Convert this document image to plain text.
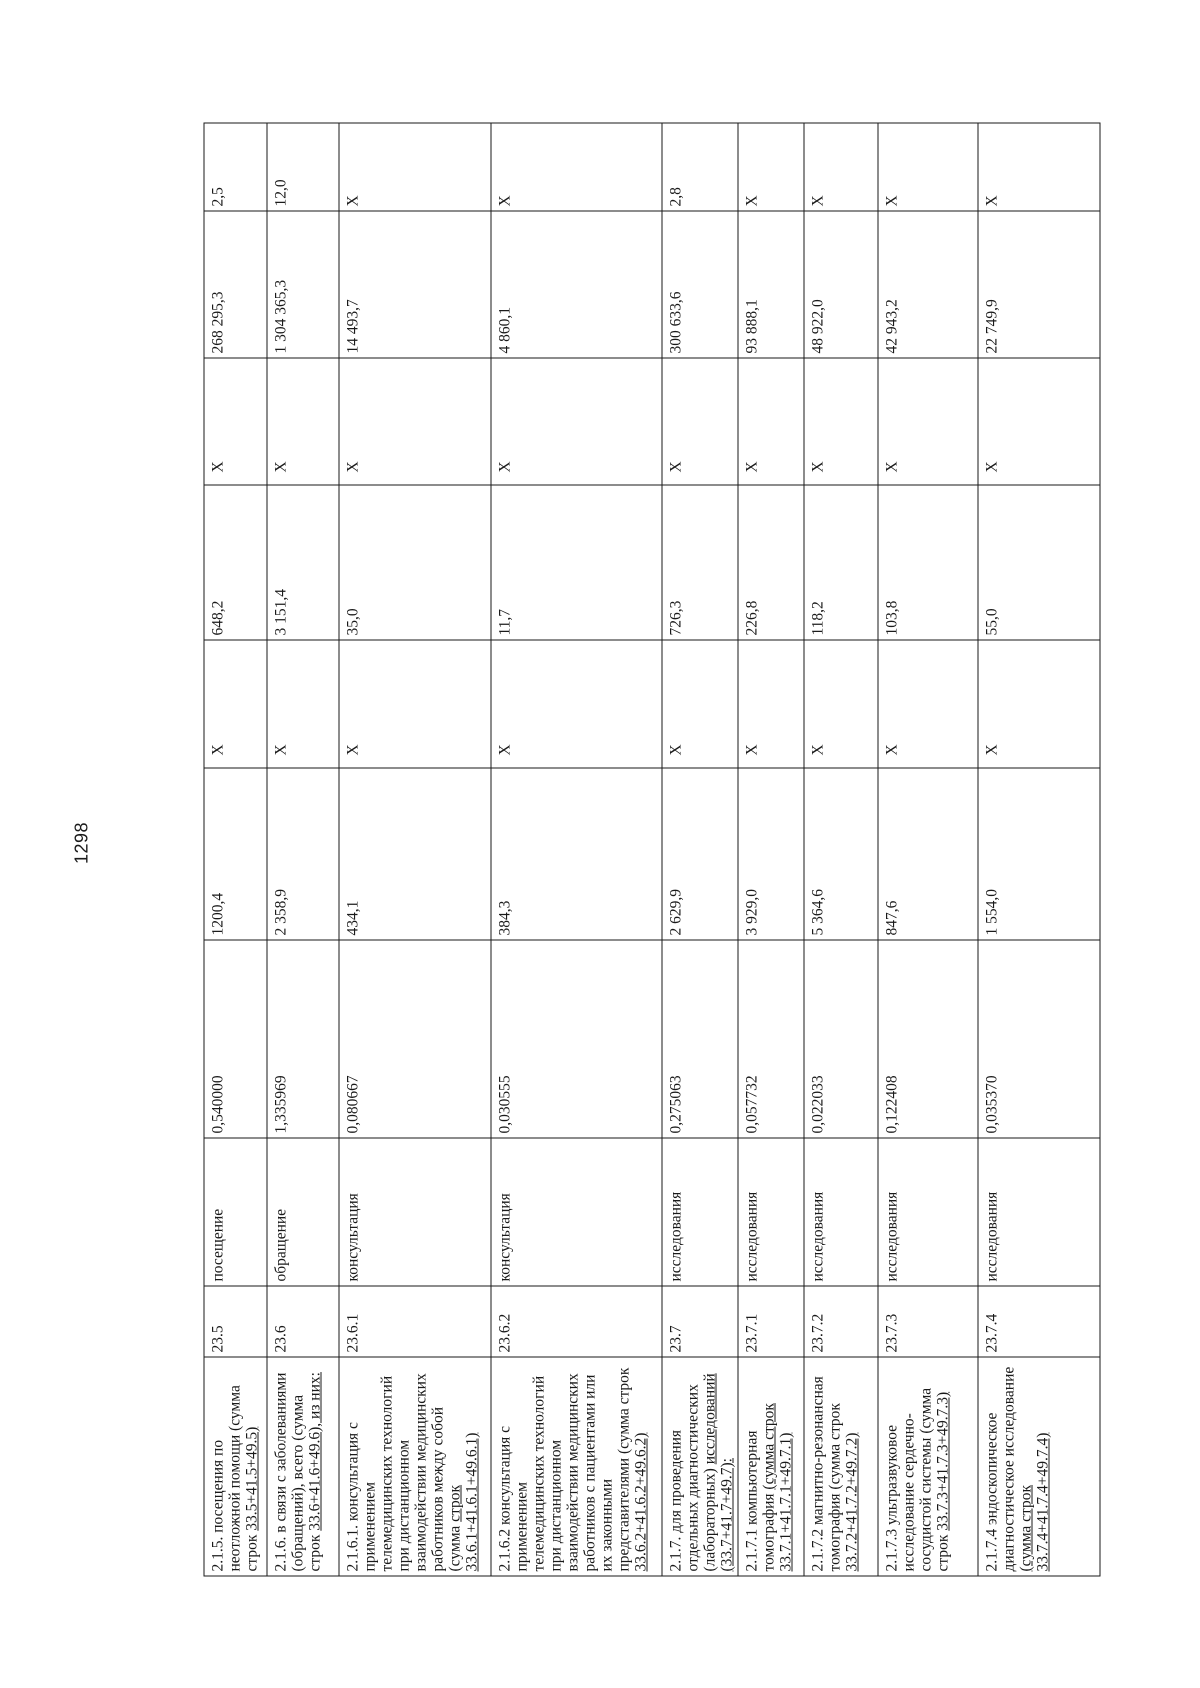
1298
2.1.5. посещения по неотложной помощи (сумма строк 33.5+41.5+49.5)	23.5	посещение	0,540000	1200,4	Х	648,2	Х	268 295,3	2,5
2.1.6. в связи с заболеваниями (обращений), всего (сумма строк 33.6+41.6+49.6), из них:	23.6	обращение	1,335969	2 358,9	Х	3 151,4	Х	1 304 365,3	12,0
2.1.6.1. консультация с применением телемедицинских технологий при дистанционном взаимодействии медицинских работников между собой (сумма строк 33.6.1+41.6.1+49.6.1)	23.6.1	консультация	0,080667	434,1	Х	35,0	Х	14 493,7	Х
2.1.6.2 консультация с применением телемедицинских технологий при дистанционном взаимодействии медицинских работников с пациентами или их законными представителями (сумма строк 33.6.2+41.6.2+49.6.2)	23.6.2	консультация	0,030555	384,3	Х	11,7	Х	4 860,1	Х
2.1.7. для проведения отдельных диагностических (лабораторных) исследований (33.7+41.7+49.7):	23.7	исследования	0,275063	2 629,9	Х	726,3	Х	300 633,6	2,8
2.1.7.1 компьютерная томография (сумма строк 33.7.1+41.7.1+49.7.1)	23.7.1	исследования	0,057732	3 929,0	Х	226,8	Х	93 888,1	Х
2.1.7.2 магнитно-резонансная томография (сумма строк 33.7.2+41.7.2+49.7.2)	23.7.2	исследования	0,022033	5 364,6	Х	118,2	Х	48 922,0	Х
2.1.7.3 ультразвуковое исследование сердечно-сосудистой системы (сумма строк 33.7.3+41.7.3+49.7.3)	23.7.3	исследования	0,122408	847,6	Х	103,8	Х	42 943,2	Х
2.1.7.4 эндоскопическое диагностическое исследование (сумма строк 33.7.4+41.7.4+49.7.4)	23.7.4	исследования	0,035370	1 554,0	Х	55,0	Х	22 749,9	Х
